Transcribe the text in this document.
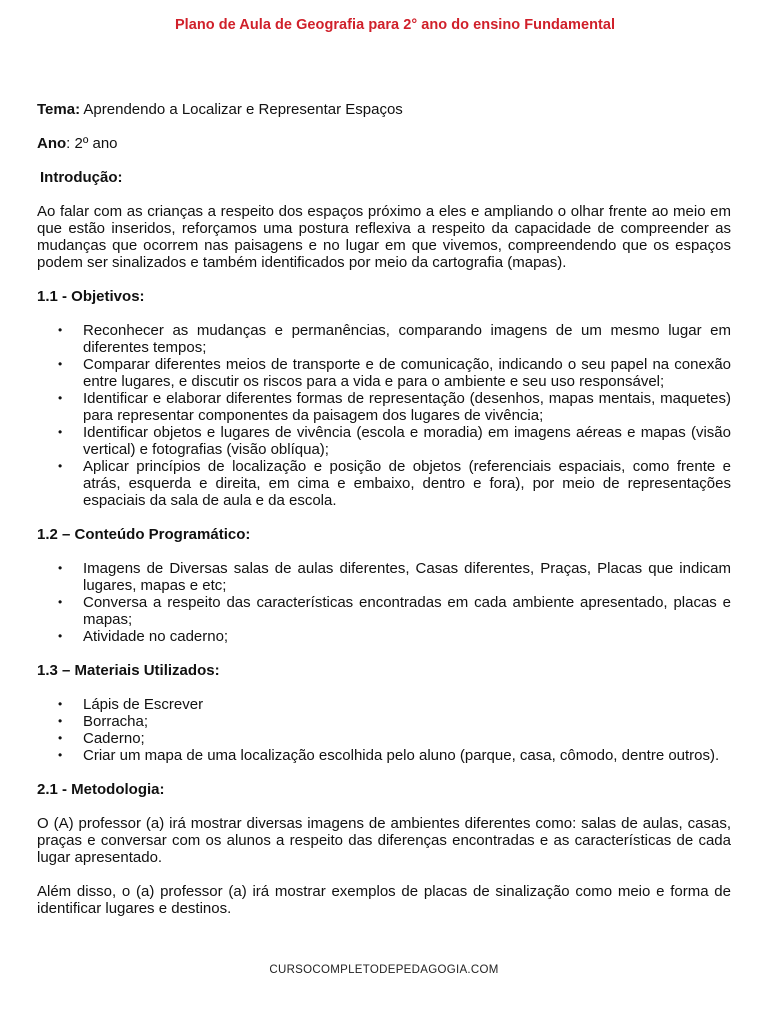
Plano de Aula de Geografia para 2° ano do ensino Fundamental
Tema: Aprendendo a Localizar e Representar Espaços
Ano: 2º ano
Introdução:
Ao falar com as crianças a respeito dos espaços próximo a eles e ampliando o olhar frente ao meio em que estão inseridos, reforçamos uma postura reflexiva a respeito da capacidade de compreender as mudanças que ocorrem nas paisagens e no lugar em que vivemos, compreendendo que os espaços podem ser sinalizados e também identificados por meio da cartografia (mapas).
1.1 - Objetivos:
• Reconhecer as mudanças e permanências, comparando imagens de um mesmo lugar em diferentes tempos;
• Comparar diferentes meios de transporte e de comunicação, indicando o seu papel na conexão entre lugares, e discutir os riscos para a vida e para o ambiente e seu uso responsável;
• Identificar e elaborar diferentes formas de representação (desenhos, mapas mentais, maquetes) para representar componentes da paisagem dos lugares de vivência;
• Identificar objetos e lugares de vivência (escola e moradia) em imagens aéreas e mapas (visão vertical) e fotografias (visão oblíqua);
• Aplicar princípios de localização e posição de objetos (referenciais espaciais, como frente e atrás, esquerda e direita, em cima e embaixo, dentro e fora), por meio de representações espaciais da sala de aula e da escola.
1.2 – Conteúdo Programático:
• Imagens de Diversas salas de aulas diferentes, Casas diferentes, Praças, Placas que indicam lugares, mapas e etc;
• Conversa a respeito das características encontradas em cada ambiente apresentado, placas e mapas;
• Atividade no caderno;
1.3 – Materiais Utilizados:
• Lápis de Escrever
• Borracha;
• Caderno;
• Criar um mapa de uma localização escolhida pelo aluno (parque, casa, cômodo, dentre outros).
2.1 - Metodologia:
O (A) professor (a) irá mostrar diversas imagens de ambientes diferentes como: salas de aulas, casas, praças e conversar com os alunos a respeito das diferenças encontradas e as características de cada lugar apresentado.
Além disso, o (a) professor (a) irá mostrar exemplos de placas de sinalização como meio e forma de identificar lugares e destinos.
CURSOCOMPLETODEPEDAGOGIA.COM
